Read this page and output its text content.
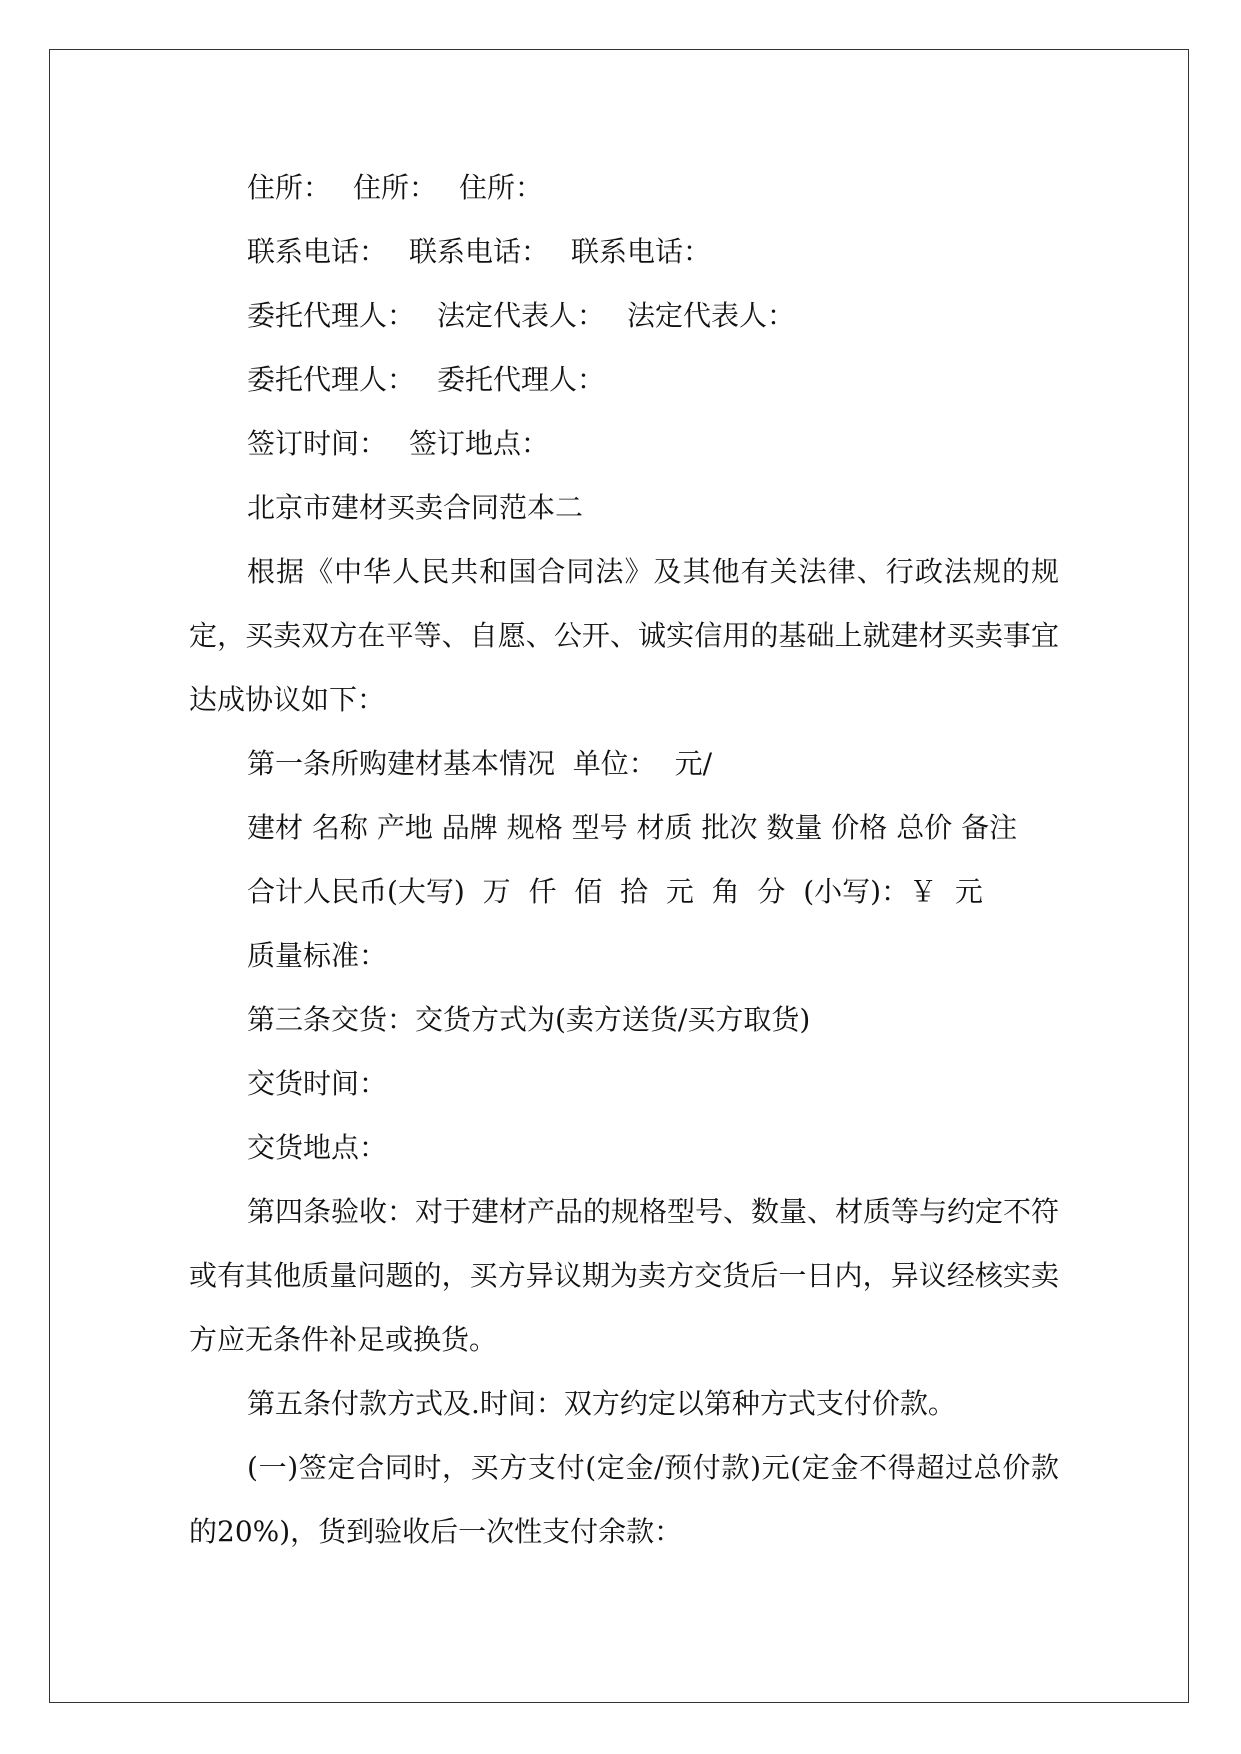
住所： 住所： 住所：
联系电话： 联系电话： 联系电话：
委托代理人： 法定代表人： 法定代表人：
委托代理人： 委托代理人：
签订时间： 签订地点：
北京市建材买卖合同范本二

根据《中华人民共和国合同法》及其他有关法律、行政法规的规定，买卖双方在平等、自愿、公开、诚实信用的基础上就建材买卖事宜达成协议如下：

第一条所购建材基本情况  单位：  元/
建材 名称 产地 品牌 规格 型号 材质 批次 数量 价格 总价 备注
合计人民币(大写)  万  仟  佰  拾  元  角  分  (小写)：￥  元
质量标准：
第三条交货：交货方式为(卖方送货/买方取货)
交货时间：
交货地点：

第四条验收：对于建材产品的规格型号、数量、材质等与约定不符或有其他质量问题的，买方异议期为卖方交货后一日内，异议经核实卖方应无条件补足或换货。

第五条付款方式及.时间：双方约定以第种方式支付价款。

(一)签定合同时，买方支付(定金/预付款)元(定金不得超过总价款的20%)，货到验收后一次性支付余款：
